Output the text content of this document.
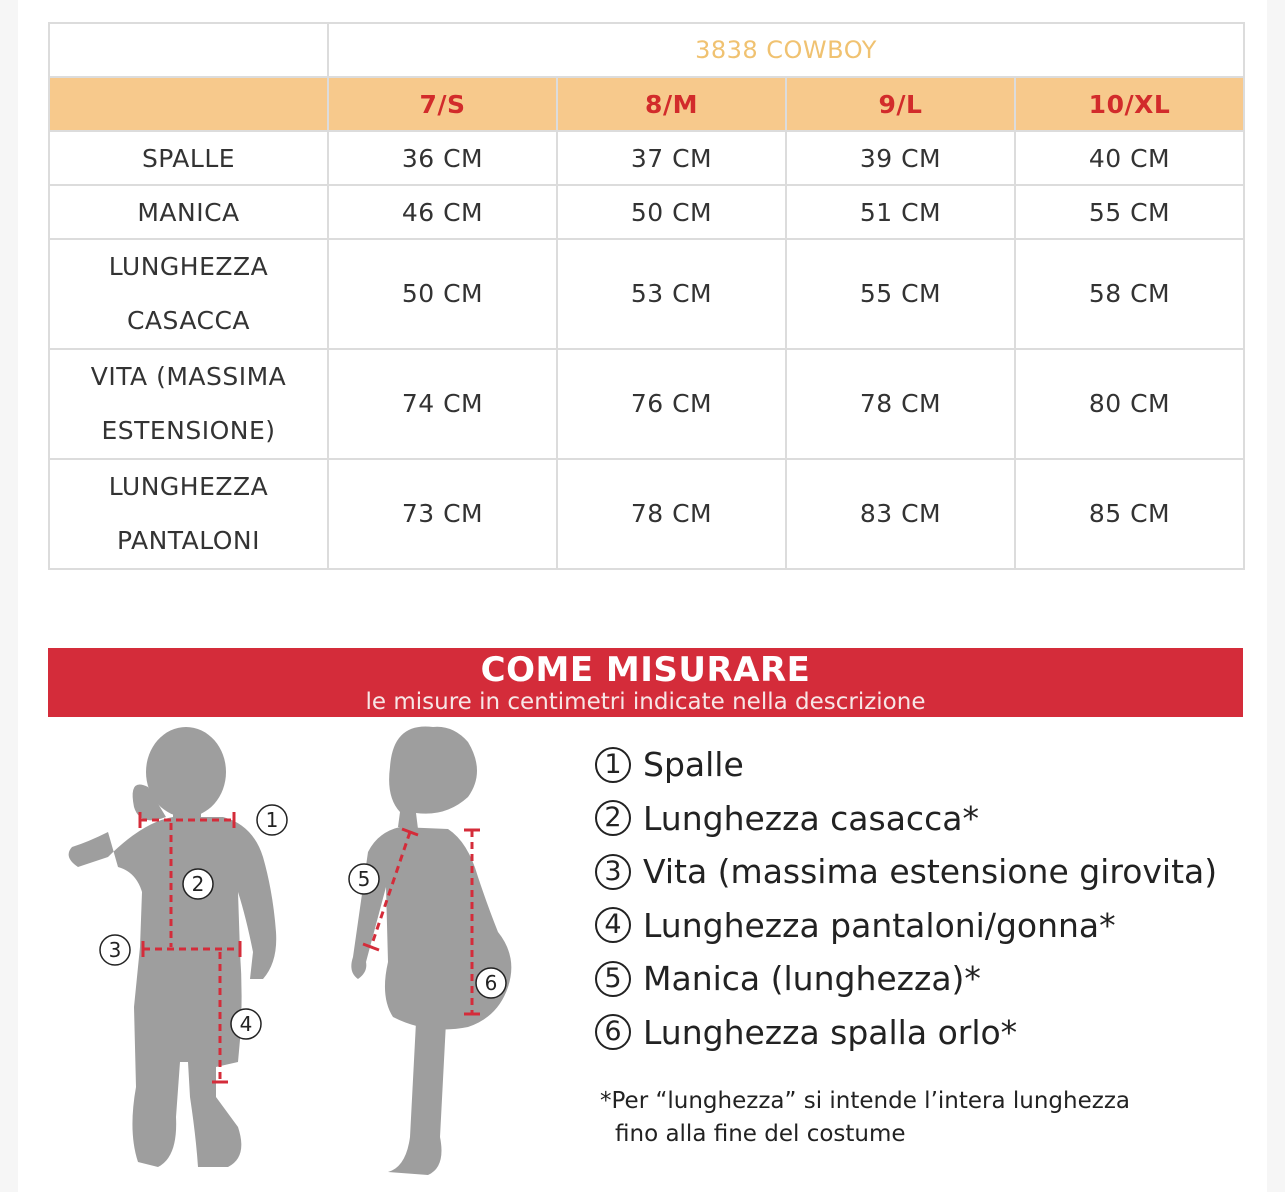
	3838 COWBOY			
	7/S	8/M	9/L	10/XL
SPALLE	36 CM	37 CM	39 CM	40 CM
MANICA	46 CM	50 CM	51 CM	55 CM
LUNGHEZZA
CASACCA	50 CM	53 CM	55 CM	58 CM
VITA (MASSIMA
ESTENSIONE)	74 CM	76 CM	78 CM	80 CM
LUNGHEZZA
PANTALONI	73 CM	78 CM	83 CM	85 CM
COME MISURARE
le misure in centimetri indicate nella descrizione
1
2
3
4
5
6
1 Spalle
2 Lunghezza casacca*
3 Vita (massima estensione girovita)
4 Lunghezza pantaloni/gonna*
5 Manica (lunghezza)*
6 Lunghezza spalla orlo*
*Per “lunghezza” si intende l’intera lunghezza
fino alla fine del costume
